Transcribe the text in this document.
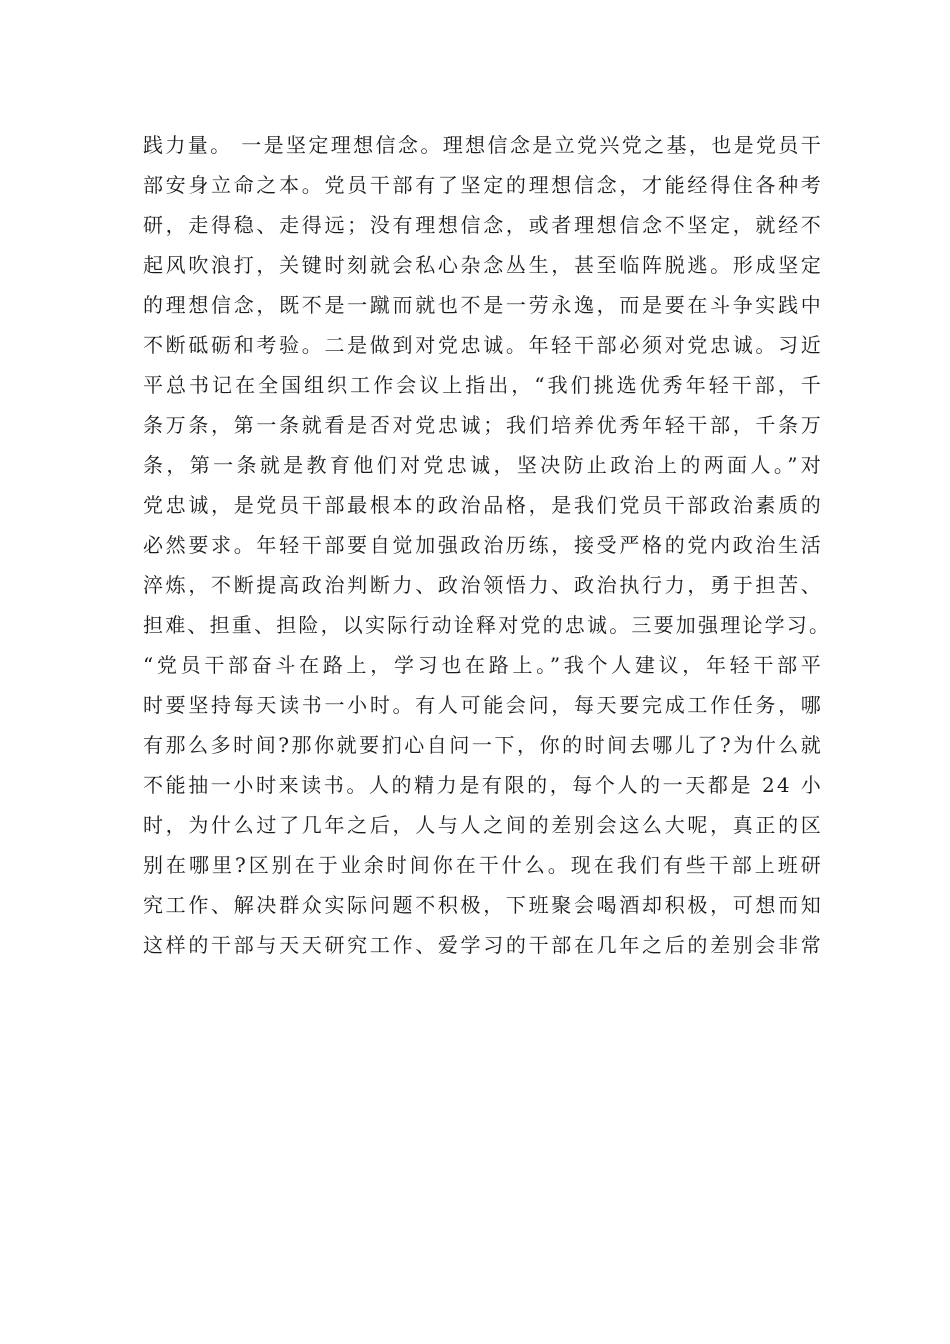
践力量。 一是坚定理想信念。理想信念是立党兴党之基，也是党员干
部安身立命之本。党员干部有了坚定的理想信念，才能经得住各种考
研，走得稳、走得远；没有理想信念，或者理想信念不坚定，就经不
起风吹浪打，关键时刻就会私心杂念丛生，甚至临阵脱逃。形成坚定
的理想信念，既不是一蹴而就也不是一劳永逸，而是要在斗争实践中
不断砥砺和考验。二是做到对党忠诚。年轻干部必须对党忠诚。习近
平总书记在全国组织工作会议上指出，“我们挑选优秀年轻干部，千
条万条，第一条就看是否对党忠诚；我们培养优秀年轻干部，千条万
条，第一条就是教育他们对党忠诚，坚决防止政治上的两面人。”对
党忠诚，是党员干部最根本的政治品格，是我们党员干部政治素质的
必然要求。年轻干部要自觉加强政治历练，接受严格的党内政治生活
淬炼，不断提高政治判断力、政治领悟力、政治执行力，勇于担苦、
担难、担重、担险，以实际行动诠释对党的忠诚。三要加强理论学习。
“党员干部奋斗在路上，学习也在路上。”我个人建议，年轻干部平
时要坚持每天读书一小时。有人可能会问，每天要完成工作任务，哪
有那么多时间?那你就要扪心自问一下，你的时间去哪儿了?为什么就
不能抽一小时来读书。人的精力是有限的，每个人的一天都是 24 小
时，为什么过了几年之后，人与人之间的差别会这么大呢，真正的区
别在哪里?区别在于业余时间你在干什么。现在我们有些干部上班研
究工作、解决群众实际问题不积极，下班聚会喝酒却积极，可想而知
这样的干部与天天研究工作、爱学习的干部在几年之后的差别会非常
